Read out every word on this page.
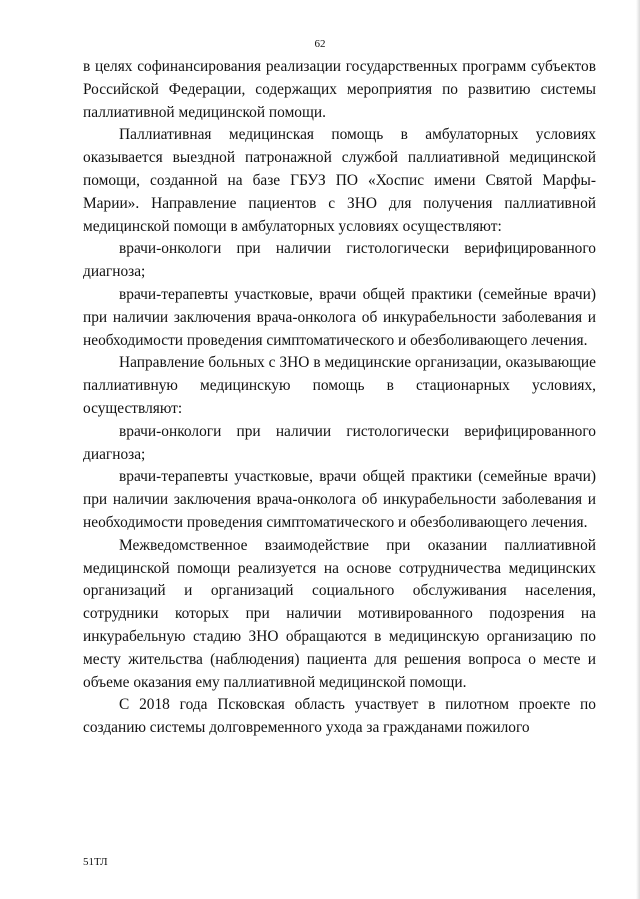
62

в целях софинансирования реализации государственных программ субъектов Российской Федерации, содержащих мероприятия по развитию системы паллиативной медицинской помощи.

Паллиативная медицинская помощь в амбулаторных условиях оказывается выездной патронажной службой паллиативной медицинской помощи, созданной на базе ГБУЗ ПО «Хоспис имени Святой Марфы-Марии». Направление пациентов с ЗНО для получения паллиативной медицинской помощи в амбулаторных условиях осуществляют:

врачи-онкологи при наличии гистологически верифицированного диагноза;

врачи-терапевты участковые, врачи общей практики (семейные врачи) при наличии заключения врача-онколога об инкурабельности заболевания и необходимости проведения симптоматического и обезболивающего лечения.

Направление больных с ЗНО в медицинские организации, оказывающие паллиативную медицинскую помощь в стационарных условиях, осуществляют:

врачи-онкологи при наличии гистологически верифицированного диагноза;

врачи-терапевты участковые, врачи общей практики (семейные врачи) при наличии заключения врача-онколога об инкурабельности заболевания и необходимости проведения симптоматического и обезболивающего лечения.

Межведомственное взаимодействие при оказании паллиативной медицинской помощи реализуется на основе сотрудничества медицинских организаций и организаций социального обслуживания населения, сотрудники которых при наличии мотивированного подозрения на инкурабельную стадию ЗНО обращаются в медицинскую организацию по месту жительства (наблюдения) пациента для решения вопроса о месте и объеме оказания ему паллиативной медицинской помощи.

С 2018 года Псковская область участвует в пилотном проекте по созданию системы долговременного ухода за гражданами пожилого

51ТЛ
